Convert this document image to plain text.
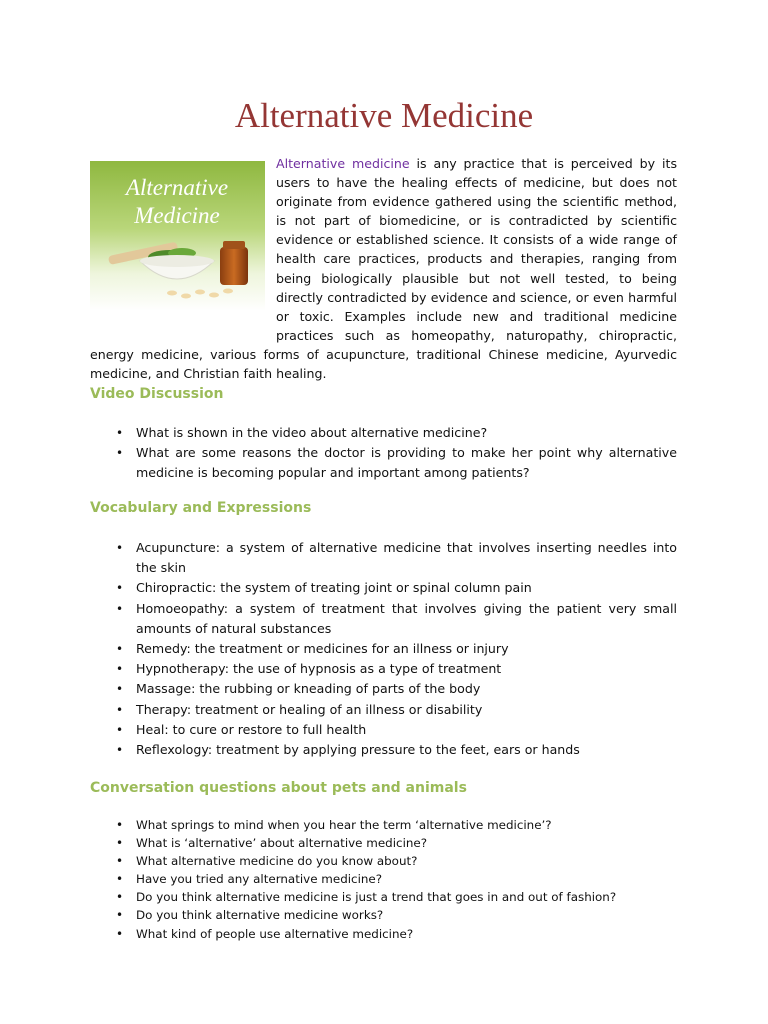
Alternative Medicine
Alternative
Medicine

Alternative medicine is any practice that is perceived by its users to have the healing effects of medicine, but does not originate from evidence gathered using the scientific method, is not part of biomedicine, or is contradicted by scientific evidence or established science. It consists of a wide range of health care practices, products and therapies, ranging from being biologically plausible but not well tested, to being directly contradicted by evidence and science, or even harmful or toxic. Examples include new and traditional medicine practices such as homeopathy, naturopathy, chiropractic, energy medicine, various forms of acupuncture, traditional Chinese medicine, Ayurvedic medicine, and Christian faith healing.

Video Discussion
• What is shown in the video about alternative medicine?
• What are some reasons the doctor is providing to make her point why alternative medicine is becoming popular and important among patients?
Vocabulary and Expressions
• Acupuncture: a system of alternative medicine that involves inserting needles into the skin
• Chiropractic: the system of treating joint or spinal column pain
• Homoeopathy: a system of treatment that involves giving the patient very small amounts of natural substances
• Remedy: the treatment or medicines for an illness or injury
• Hypnotherapy: the use of hypnosis as a type of treatment
• Massage: the rubbing or kneading of parts of the body
• Therapy: treatment or healing of an illness or disability
• Heal: to cure or restore to full health
• Reflexology: treatment by applying pressure to the feet, ears or hands
Conversation questions about pets and animals
• What springs to mind when you hear the term ‘alternative medicine’?
• What is ‘alternative’ about alternative medicine?
• What alternative medicine do you know about?
• Have you tried any alternative medicine?
• Do you think alternative medicine is just a trend that goes in and out of fashion?
• Do you think alternative medicine works?
• What kind of people use alternative medicine?
